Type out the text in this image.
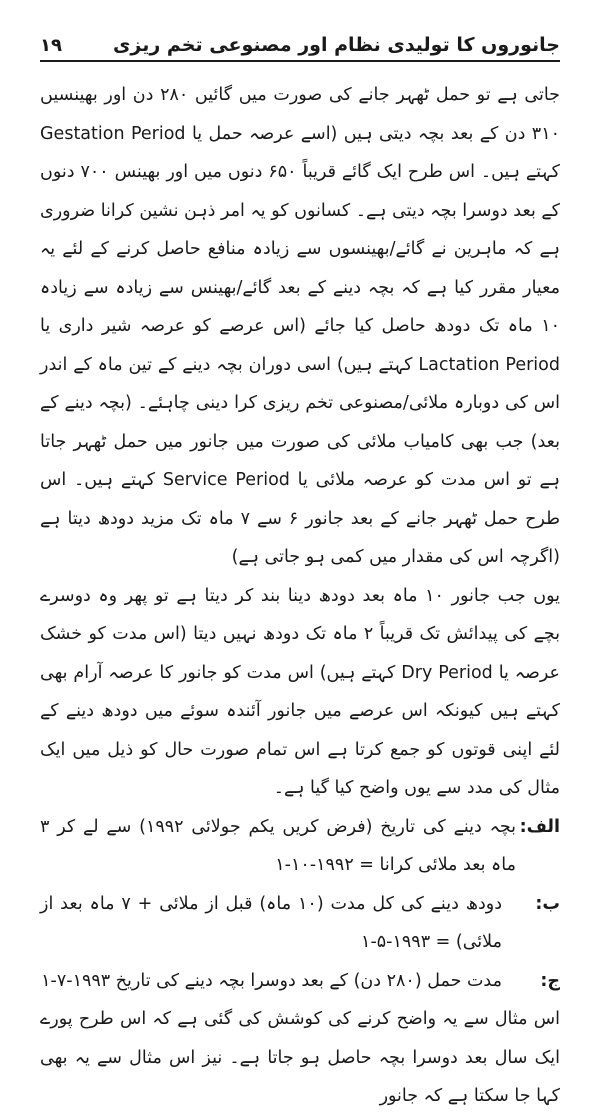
۱۹	جانوروں کا تولیدی نظام اور مصنوعی تخم ریزی

جاتی ہے تو حمل ٹھہر جانے کی صورت میں گائیں ۲۸۰ دن اور بھینسیں ۳۱۰ دن کے بعد بچہ دیتی ہیں (اسے عرصہ حمل یا Gestation Period کہتے ہیں۔ اس طرح ایک گائے قریباً ۶۵۰ دنوں میں اور بھینس ۷۰۰ دنوں کے بعد دوسرا بچہ دیتی ہے۔ کسانوں کو یہ امر ذہن نشین کرانا ضروری ہے کہ ماہرین نے گائے/بھینسوں سے زیادہ منافع حاصل کرنے کے لئے یہ معیار مقرر کیا ہے کہ بچہ دینے کے بعد گائے/بھینس سے زیادہ سے زیادہ ۱۰ ماہ تک دودھ حاصل کیا جائے (اس عرصے کو عرصہ شیر داری یا Lactation Period کہتے ہیں) اسی دوران بچہ دینے کے تین ماہ کے اندر اس کی دوبارہ ملائی/مصنوعی تخم ریزی کرا دینی چاہئے۔ (بچہ دینے کے بعد) جب بھی کامیاب ملائی کی صورت میں جانور میں حمل ٹھہر جاتا ہے تو اس مدت کو عرصہ ملائی یا Service Period کہتے ہیں۔ اس طرح حمل ٹھہر جانے کے بعد جانور ۶ سے ۷ ماہ تک مزید دودھ دیتا ہے (اگرچہ اس کی مقدار میں کمی ہو جاتی ہے)

یوں جب جانور ۱۰ ماہ بعد دودھ دینا بند کر دیتا ہے تو پھر وہ دوسرے بچے کی پیدائش تک قریباً ۲ ماہ تک دودھ نہیں دیتا (اس مدت کو خشک عرصہ یا Dry Period کہتے ہیں) اس مدت کو جانور کا عرصہ آرام بھی کہتے ہیں کیونکہ اس عرصے میں جانور آئندہ سوئے میں دودھ دینے کے لئے اپنی قوتوں کو جمع کرتا ہے اس تمام صورت حال کو ذیل میں ایک مثال کی مدد سے یوں واضح کیا گیا ہے۔

الف:
بچہ دینے کی تاریخ (فرض کریں یکم جولائی ۱۹۹۲) سے لے کر ۳ ماہ بعد ملائی کرانا = ۱۹۹۲-۱۰-۱
ب:
دودھ دینے کی کل مدت (۱۰ ماہ) قبل از ملائی + ۷ ماہ بعد از ملائی) = ۱۹۹۳-۵-۱
ج:
مدت حمل (۲۸۰ دن) کے بعد دوسرا بچہ دینے کی تاریخ ۱۹۹۳-۷-۱

اس مثال سے یہ واضح کرنے کی کوشش کی گئی ہے کہ اس طرح پورے ایک سال بعد دوسرا بچہ حاصل ہو جاتا ہے۔ نیز اس مثال سے یہ بھی کہا جا سکتا ہے کہ جانور
